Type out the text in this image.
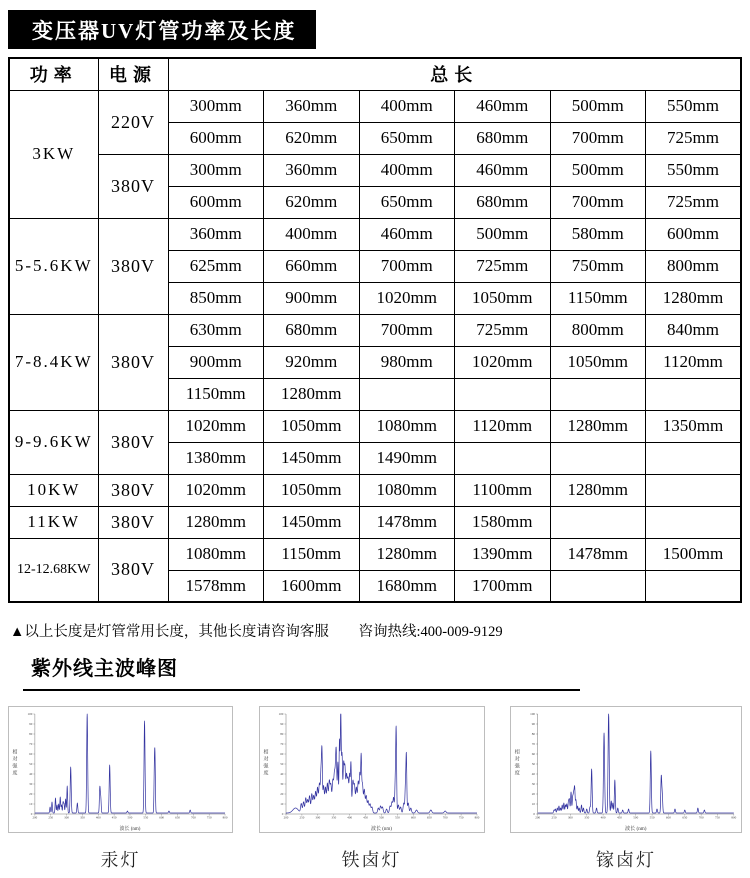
变压器UV灯管功率及长度
功率	电源	总长					
3KW	220V	300mm	360mm	400mm	460mm	500mm	550mm
		600mm	620mm	650mm	680mm	700mm	725mm
	380V	300mm	360mm	400mm	460mm	500mm	550mm
		600mm	620mm	650mm	680mm	700mm	725mm
5-5.6KW	380V	360mm	400mm	460mm	500mm	580mm	600mm
		625mm	660mm	700mm	725mm	750mm	800mm
		850mm	900mm	1020mm	1050mm	1150mm	1280mm
7-8.4KW	380V	630mm	680mm	700mm	725mm	800mm	840mm
		900mm	920mm	980mm	1020mm	1050mm	1120mm
		1150mm	1280mm				
9-9.6KW	380V	1020mm	1050mm	1080mm	1120mm	1280mm	1350mm
		1380mm	1450mm	1490mm			
10KW	380V	1020mm	1050mm	1080mm	1100mm	1280mm	
11KW	380V	1280mm	1450mm	1478mm	1580mm		
12-12.68KW	380V	1080mm	1150mm	1280mm	1390mm	1478mm	1500mm
		1578mm	1600mm	1680mm	1700mm		
▲以上长度是灯管常用长度，其他长度请咨询客服 咨询热线:400-009-9129
紫外线主波峰图
200	250	300	350	400	450	500	550	600	650	700	750	800
0
10
20
30
40
50
60
70
80
90
100
波长 (nm)
相
对
强
度
汞灯
200	250	300	350	400	450	500	550	600	650	700	750	800
0
10
20
30
40
50
60
70
80
90
100
波长 (nm)
相
对
强
度
铁卤灯
200	250	300	350	400	450	500	550	600	650	700	750	800
0
10
20
30
40
50
60
70
80
90
100
波长 (nm)
相
对
强
度
镓卤灯
